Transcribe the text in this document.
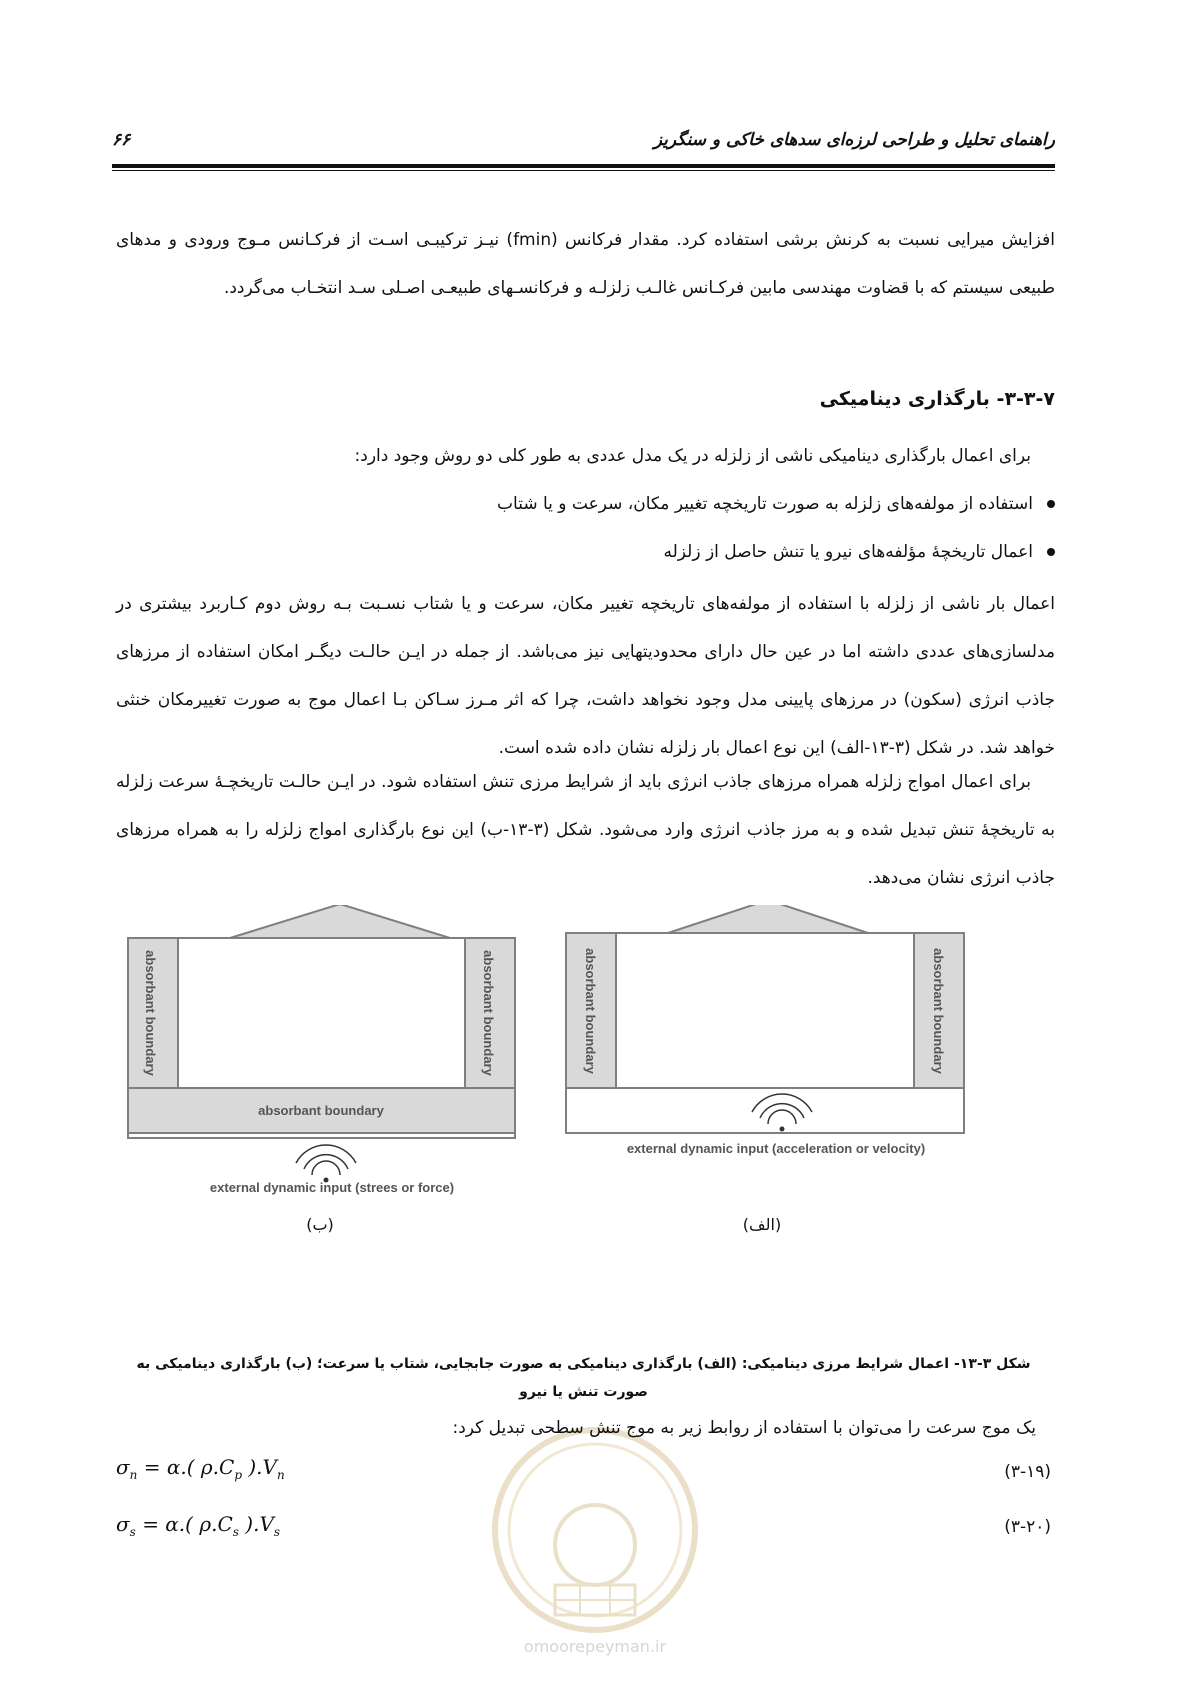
راهنمای تحلیل و طراحی لرزه‌ای سدهای خاکی و سنگریز
۶۶
افزایش میرایی نسبت به کرنش برشی استفاده کرد. مقدار فرکانس (fmin) نیـز ترکیبـی اسـت از فرکـانس مـوج ورودی و مدهای طبیعی سیستم که با قضاوت مهندسی مابین فرکـانس غالـب زلزلـه و فرکانسـهای طبیعـی اصـلی سـد انتخـاب می‌گردد.
۳-۳-۷- بارگذاری دینامیکی
برای اعمال بارگذاری دینامیکی ناشی از زلزله در یک مدل عددی به طور کلی دو روش وجود دارد:
استفاده از مولفه‌های زلزله به صورت تاریخچه تغییر مکان، سرعت و یا شتاب
اعمال تاریخچۀ مؤلفه‌های نیرو یا تنش حاصل از زلزله
اعمال بار ناشی از زلزله با استفاده از مولفه‌های تاریخچه تغییر مکان، سرعت و یا شتاب نسـبت بـه روش دوم کـاربرد بیشتری در مدلسازی‌های عددی داشته اما در عین حال دارای محدودیتهایی نیز می‌باشد. از جمله در ایـن حالـت دیگـر امکان استفاده از مرزهای جاذب انرژی (سکون) در مرزهای پایینی مدل وجود نخواهد داشت، چرا که اثر مـرز سـاکن بـا اعمال موج به صورت تغییرمکان خنثی خواهد شد. در شکل (۳-۱۳-الف) این نوع اعمال بار زلزله نشان داده شده است.
برای اعمال امواج زلزله همراه مرزهای جاذب انرژی باید از شرایط مرزی تنش استفاده شود. در ایـن حالـت تاریخچـۀ سرعت زلزله به تاریخچۀ تنش تبدیل شده و به مرز جاذب انرژی وارد می‌شود. شکل (۳-۱۳-ب) این نوع بارگذاری امواج زلزله را به همراه مرزهای جاذب انرژی نشان می‌دهد.
absorbant boundary	absorbant boundary
absorbant boundary
external dynamic input (strees or force)
(ب)
absorbant boundary	absorbant boundary
external dynamic input (acceleration or velocity)
(الف)
شکل ۳-۱۳- اعمال شرایط مرزی دینامیکی: (الف) بارگذاری دینامیکی به صورت جابجایی، شتاب یا سرعت؛ (ب) بارگذاری دینامیکی به صورت تنش یا نیرو
omoorepeyman.ir
یک موج سرعت را می‌توان با استفاده از روابط زیر به موج تنش سطحی تبدیل کرد:
$\sigma_n = \alpha$.( $\rho.C_p$ )$.V_n$	(۳-۱۹)
$\sigma_s = \alpha$.( $\rho.C_s$ )$.V_s$	(۳-۲۰)
